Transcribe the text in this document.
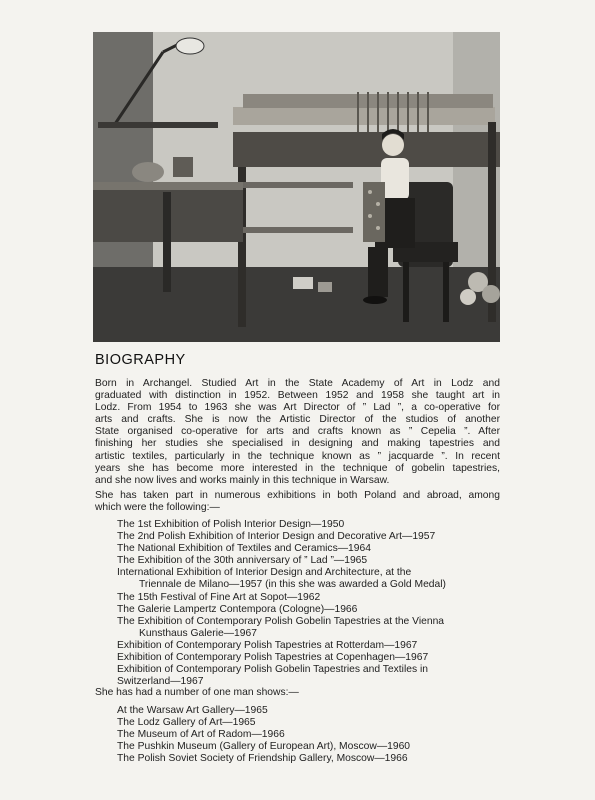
BIOGRAPHY
Born in Archangel. Studied Art in the State Academy of Art in Lodz and
graduated with distinction in 1952. Between 1952 and 1958 she taught art in
Lodz. From 1954 to 1963 she was Art Director of ” Lad ”, a co-operative for
arts and crafts. She is now the Artistic Director of the studios of another
State organised co-operative for arts and crafts known as ” Cepelia ”. After
finishing her studies she specialised in designing and making tapestries and
artistic textiles, particularly in the technique known as ” jacquarde ”. In recent
years she has become more interested in the technique of gobelin tapestries,
and she now lives and works mainly in this technique in Warsaw.
She has taken part in numerous exhibitions in both Poland and abroad, among
which were the following:—
The 1st Exhibition of Polish Interior Design—1950
The 2nd Polish Exhibition of Interior Design and Decorative Art—1957
The National Exhibition of Textiles and Ceramics—1964
The Exhibition of the 30th anniversary of ” Lad ”—1965
International Exhibition of Interior Design and Architecture, at the
Triennale de Milano—1957 (in this she was awarded a Gold Medal)
The 15th Festival of Fine Art at Sopot—1962
The Galerie Lampertz Contempora (Cologne)—1966
The Exhibition of Contemporary Polish Gobelin Tapestries at the Vienna
Kunsthaus Galerie—1967
Exhibition of Contemporary Polish Tapestries at Rotterdam—1967
Exhibition of Contemporary Polish Tapestries at Copenhagen—1967
Exhibition of Contemporary Polish Gobelin Tapestries and Textiles in
Switzerland—1967
She has had a number of one man shows:—
At the Warsaw Art Gallery—1965
The Lodz Gallery of Art—1965
The Museum of Art of Radom—1966
The Pushkin Museum (Gallery of European Art), Moscow—1960
The Polish Soviet Society of Friendship Gallery, Moscow—1966
